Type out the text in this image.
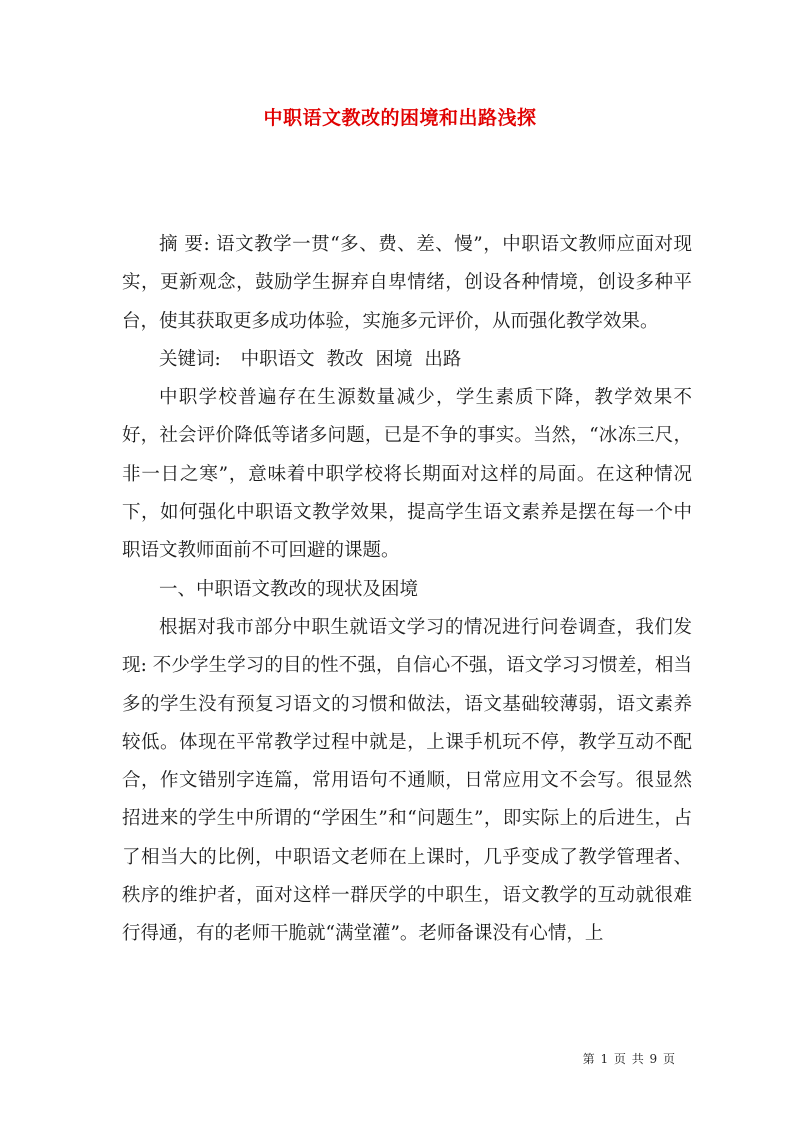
中职语文教改的困境和出路浅探

摘 要: 语文教学一贯“多、费、差、慢”，中职语文教师应面对现实，更新观念，鼓励学生摒弃自卑情绪，创设各种情境，创设多种平台，使其获取更多成功体验，实施多元评价，从而强化教学效果。

关键词: 中职语文 教改 困境 出路

中职学校普遍存在生源数量减少，学生素质下降，教学效果不好，社会评价降低等诸多问题，已是不争的事实。当然，“冰冻三尺，非一日之寒”，意味着中职学校将长期面对这样的局面。在这种情况下，如何强化中职语文教学效果，提高学生语文素养是摆在每一个中职语文教师面前不可回避的课题。

一、中职语文教改的现状及困境

根据对我市部分中职生就语文学习的情况进行问卷调查，我们发现: 不少学生学习的目的性不强，自信心不强，语文学习习惯差，相当多的学生没有预复习语文的习惯和做法，语文基础较薄弱，语文素养较低。体现在平常教学过程中就是，上课手机玩不停，教学互动不配合，作文错别字连篇，常用语句不通顺，日常应用文不会写。很显然招进来的学生中所谓的“学困生”和“问题生”，即实际上的后进生，占了相当大的比例，中职语文老师在上课时，几乎变成了教学管理者、秩序的维护者，面对这样一群厌学的中职生，语文教学的互动就很难行得通，有的老师干脆就“满堂灌”。老师备课没有心情，上

第 1 页 共 9 页
